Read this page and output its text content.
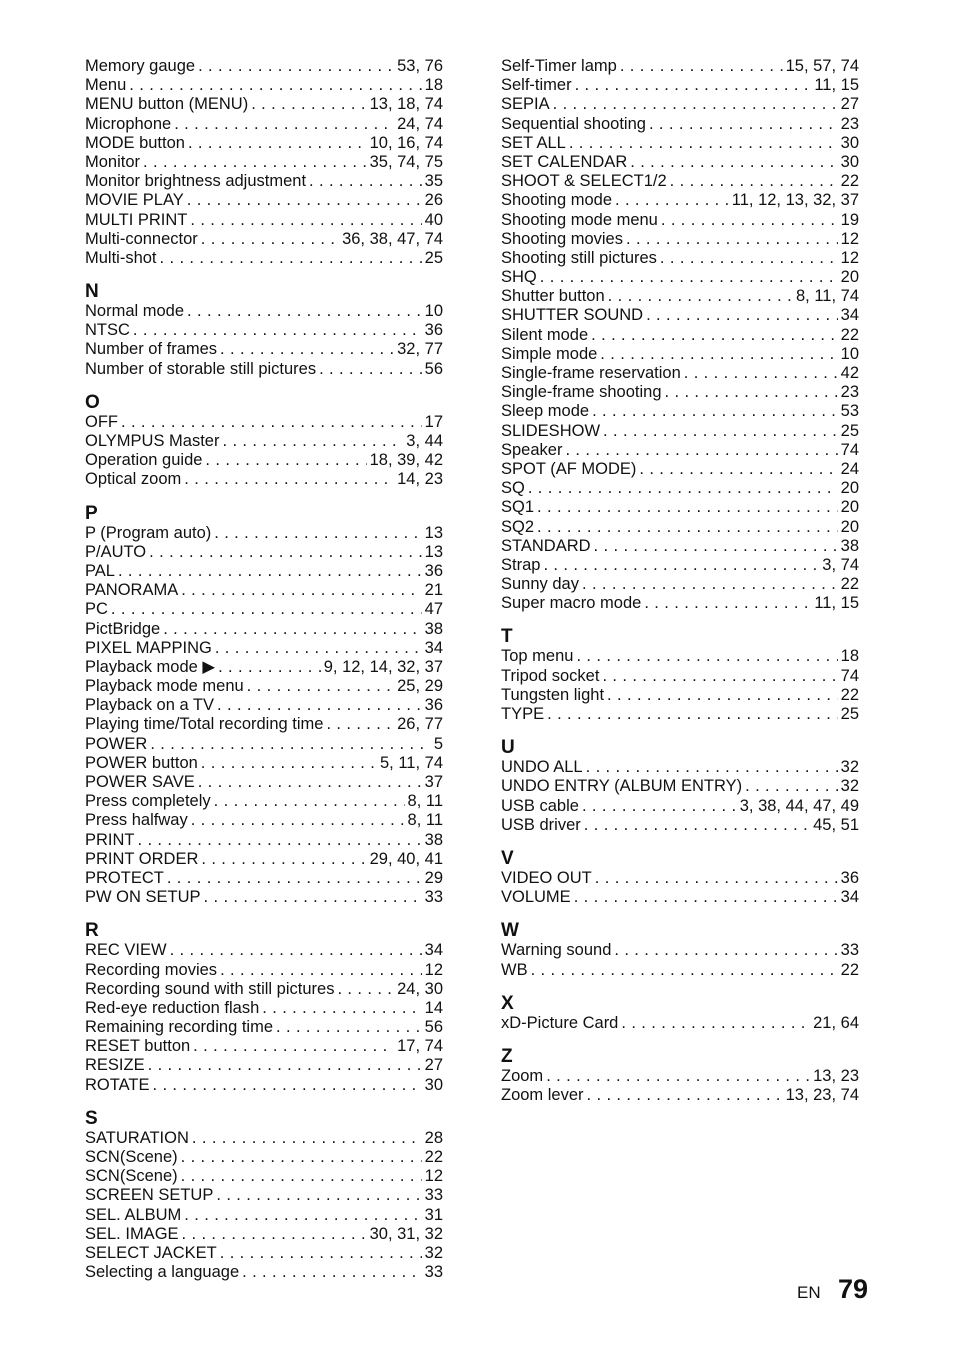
Memory gauge . . .	53, 76
Menu . . .	18
MENU button (MENU) . . .	13, 18, 74
Microphone . . .	24, 74
MODE button . . .	10, 16, 74
Monitor . . .	35, 74, 75
Monitor brightness adjustment . . .	35
MOVIE PLAY . . .	26
MULTI PRINT . . .	40
Multi-connector . . .	36, 38, 47, 74
Multi-shot . . .	25
N
Normal mode . . .	10
NTSC . . .	36
Number of frames . . .	32, 77
Number of storable still pictures . . .	56
O
OFF . . .	17
OLYMPUS Master . . .	3, 44
Operation guide . . .	18, 39, 42
Optical zoom . . .	14, 23
P
P (Program auto) . . .	13
P/AUTO . . .	13
PAL . . .	36
PANORAMA . . .	21
PC . . .	47
PictBridge . . .	38
PIXEL MAPPING . . .	34
Playback mode ▶ . . .	9, 12, 14, 32, 37
Playback mode menu . . .	25, 29
Playback on a TV . . .	36
Playing time/Total recording time . . .	26, 77
POWER . . .	5
POWER button . . .	5, 11, 74
POWER SAVE . . .	37
Press completely . . .	8, 11
Press halfway . . .	8, 11
PRINT . . .	38
PRINT ORDER . . .	29, 40, 41
PROTECT . . .	29
PW ON SETUP . . .	33
R
REC VIEW . . .	34
Recording movies . . .	12
Recording sound with still pictures . . .	24, 30
Red-eye reduction flash . . .	14
Remaining recording time . . .	56
RESET button . . .	17, 74
RESIZE . . .	27
ROTATE . . .	30
S
SATURATION . . .	28
SCN(Scene) . . .	22
SCN(Scene) . . .	12
SCREEN SETUP . . .	33
SEL. ALBUM . . .	31
SEL. IMAGE . . .	30, 31, 32
SELECT JACKET . . .	32
Selecting a language . . .	33
Self-Timer lamp . . .	15, 57, 74
Self-timer . . .	11, 15
SEPIA . . .	27
Sequential shooting . . .	23
SET ALL . . .	30
SET CALENDAR . . .	30
SHOOT & SELECT1/2 . . .	22
Shooting mode . . .	11, 12, 13, 32, 37
Shooting mode menu . . .	19
Shooting movies . . .	12
Shooting still pictures . . .	12
SHQ . . .	20
Shutter button . . .	8, 11, 74
SHUTTER SOUND . . .	34
Silent mode . . .	22
Simple mode . . .	10
Single-frame reservation . . .	42
Single-frame shooting . . .	23
Sleep mode . . .	53
SLIDESHOW . . .	25
Speaker . . .	74
SPOT (AF MODE) . . .	24
SQ . . .	20
SQ1 . . .	20
SQ2 . . .	20
STANDARD . . .	38
Strap . . .	3, 74
Sunny day . . .	22
Super macro mode . . .	11, 15
T
Top menu . . .	18
Tripod socket . . .	74
Tungsten light . . .	22
TYPE . . .	25
U
UNDO ALL . . .	32
UNDO ENTRY (ALBUM ENTRY) . . .	32
USB cable . . .	3, 38, 44, 47, 49
USB driver . . .	45, 51
V
VIDEO OUT . . .	36
VOLUME . . .	34
W
Warning sound . . .	33
WB . . .	22
X
xD-Picture Card . . .	21, 64
Z
Zoom . . .	13, 23
Zoom lever . . .	13, 23, 74
EN 79
